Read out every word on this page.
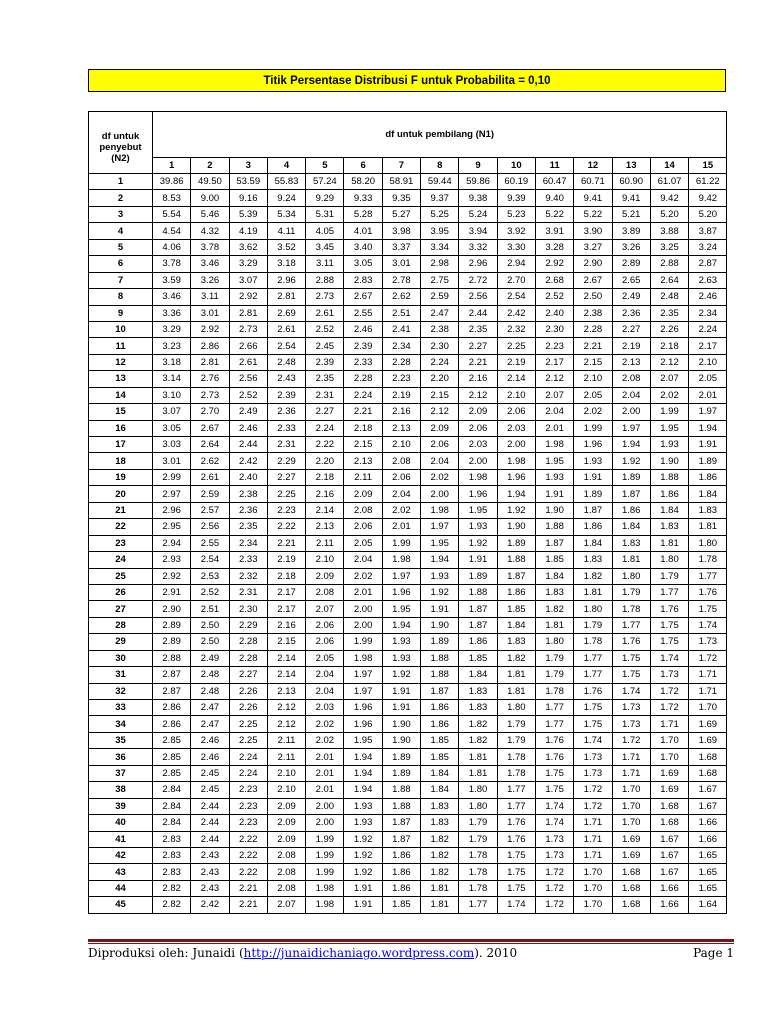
Titik Persentase Distribusi F untuk Probabilita = 0,10
df untuk
penyebut
(N2)	df untuk pembilang (N1)														
	1	2	3	4	5	6	7	8	9	10	11	12	13	14	15
1	39.86	49.50	53.59	55.83	57.24	58.20	58.91	59.44	59.86	60.19	60.47	60.71	60.90	61.07	61.22
2	8.53	9.00	9.16	9.24	9.29	9.33	9.35	9.37	9.38	9.39	9.40	9.41	9.41	9.42	9.42
3	5.54	5.46	5.39	5.34	5.31	5.28	5.27	5.25	5.24	5.23	5.22	5.22	5.21	5.20	5.20
4	4.54	4.32	4.19	4.11	4.05	4.01	3.98	3.95	3.94	3.92	3.91	3.90	3.89	3.88	3.87
5	4.06	3.78	3.62	3.52	3.45	3.40	3.37	3.34	3.32	3.30	3.28	3.27	3.26	3.25	3.24
6	3.78	3.46	3.29	3.18	3.11	3.05	3.01	2.98	2.96	2.94	2.92	2.90	2.89	2.88	2.87
7	3.59	3.26	3.07	2.96	2.88	2.83	2.78	2.75	2.72	2.70	2.68	2.67	2.65	2.64	2.63
8	3.46	3.11	2.92	2.81	2.73	2.67	2.62	2.59	2.56	2.54	2.52	2.50	2.49	2.48	2.46
9	3.36	3.01	2.81	2.69	2.61	2.55	2.51	2.47	2.44	2.42	2.40	2.38	2.36	2.35	2.34
10	3.29	2.92	2.73	2.61	2.52	2.46	2.41	2.38	2.35	2.32	2.30	2.28	2.27	2.26	2.24
11	3.23	2.86	2.66	2.54	2.45	2.39	2.34	2.30	2.27	2.25	2.23	2.21	2.19	2.18	2.17
12	3.18	2.81	2.61	2.48	2.39	2.33	2.28	2.24	2.21	2.19	2.17	2.15	2.13	2.12	2.10
13	3.14	2.76	2.56	2.43	2.35	2.28	2.23	2.20	2.16	2.14	2.12	2.10	2.08	2.07	2.05
14	3.10	2.73	2.52	2.39	2.31	2.24	2.19	2.15	2.12	2.10	2.07	2.05	2.04	2.02	2.01
15	3.07	2.70	2.49	2.36	2.27	2.21	2.16	2.12	2.09	2.06	2.04	2.02	2.00	1.99	1.97
16	3.05	2.67	2.46	2.33	2.24	2.18	2.13	2.09	2.06	2.03	2.01	1.99	1.97	1.95	1.94
17	3.03	2.64	2.44	2.31	2.22	2.15	2.10	2.06	2.03	2.00	1.98	1.96	1.94	1.93	1.91
18	3.01	2.62	2.42	2.29	2.20	2.13	2.08	2.04	2.00	1.98	1.95	1.93	1.92	1.90	1.89
19	2.99	2.61	2.40	2.27	2.18	2.11	2.06	2.02	1.98	1.96	1.93	1.91	1.89	1.88	1.86
20	2.97	2.59	2.38	2.25	2.16	2.09	2.04	2.00	1.96	1.94	1.91	1.89	1.87	1.86	1.84
21	2.96	2.57	2.36	2.23	2.14	2.08	2.02	1.98	1.95	1.92	1.90	1.87	1.86	1.84	1.83
22	2.95	2.56	2.35	2.22	2.13	2.06	2.01	1.97	1.93	1.90	1.88	1.86	1.84	1.83	1.81
23	2.94	2.55	2.34	2.21	2.11	2.05	1.99	1.95	1.92	1.89	1.87	1.84	1.83	1.81	1.80
24	2.93	2.54	2.33	2.19	2.10	2.04	1.98	1.94	1.91	1.88	1.85	1.83	1.81	1.80	1.78
25	2.92	2.53	2.32	2.18	2.09	2.02	1.97	1.93	1.89	1.87	1.84	1.82	1.80	1.79	1.77
26	2.91	2.52	2.31	2.17	2.08	2.01	1.96	1.92	1.88	1.86	1.83	1.81	1.79	1.77	1.76
27	2.90	2.51	2.30	2.17	2.07	2.00	1.95	1.91	1.87	1.85	1.82	1.80	1.78	1.76	1.75
28	2.89	2.50	2.29	2.16	2.06	2.00	1.94	1.90	1.87	1.84	1.81	1.79	1.77	1.75	1.74
29	2.89	2.50	2.28	2.15	2.06	1.99	1.93	1.89	1.86	1.83	1.80	1.78	1.76	1.75	1.73
30	2.88	2.49	2.28	2.14	2.05	1.98	1.93	1.88	1.85	1.82	1.79	1.77	1.75	1.74	1.72
31	2.87	2.48	2.27	2.14	2.04	1.97	1.92	1.88	1.84	1.81	1.79	1.77	1.75	1.73	1.71
32	2.87	2.48	2.26	2.13	2.04	1.97	1.91	1.87	1.83	1.81	1.78	1.76	1.74	1.72	1.71
33	2.86	2.47	2.26	2.12	2.03	1.96	1.91	1.86	1.83	1.80	1.77	1.75	1.73	1.72	1.70
34	2.86	2.47	2.25	2.12	2.02	1.96	1.90	1.86	1.82	1.79	1.77	1.75	1.73	1.71	1.69
35	2.85	2.46	2.25	2.11	2.02	1.95	1.90	1.85	1.82	1.79	1.76	1.74	1.72	1.70	1.69
36	2.85	2.46	2.24	2.11	2.01	1.94	1.89	1.85	1.81	1.78	1.76	1.73	1.71	1.70	1.68
37	2.85	2.45	2.24	2.10	2.01	1.94	1.89	1.84	1.81	1.78	1.75	1.73	1.71	1.69	1.68
38	2.84	2.45	2.23	2.10	2.01	1.94	1.88	1.84	1.80	1.77	1.75	1.72	1.70	1.69	1.67
39	2.84	2.44	2.23	2.09	2.00	1.93	1.88	1.83	1.80	1.77	1.74	1.72	1.70	1.68	1.67
40	2.84	2.44	2.23	2.09	2.00	1.93	1.87	1.83	1.79	1.76	1.74	1.71	1.70	1.68	1.66
41	2.83	2.44	2.22	2.09	1.99	1.92	1.87	1.82	1.79	1.76	1.73	1.71	1.69	1.67	1.66
42	2.83	2.43	2.22	2.08	1.99	1.92	1.86	1.82	1.78	1.75	1.73	1.71	1.69	1.67	1.65
43	2.83	2.43	2.22	2.08	1.99	1.92	1.86	1.82	1.78	1.75	1.72	1.70	1.68	1.67	1.65
44	2.82	2.43	2.21	2.08	1.98	1.91	1.86	1.81	1.78	1.75	1.72	1.70	1.68	1.66	1.65
45	2.82	2.42	2.21	2.07	1.98	1.91	1.85	1.81	1.77	1.74	1.72	1.70	1.68	1.66	1.64
Diproduksi oleh: Junaidi (http://junaidichaniago.wordpress.com). 2010	Page 1
